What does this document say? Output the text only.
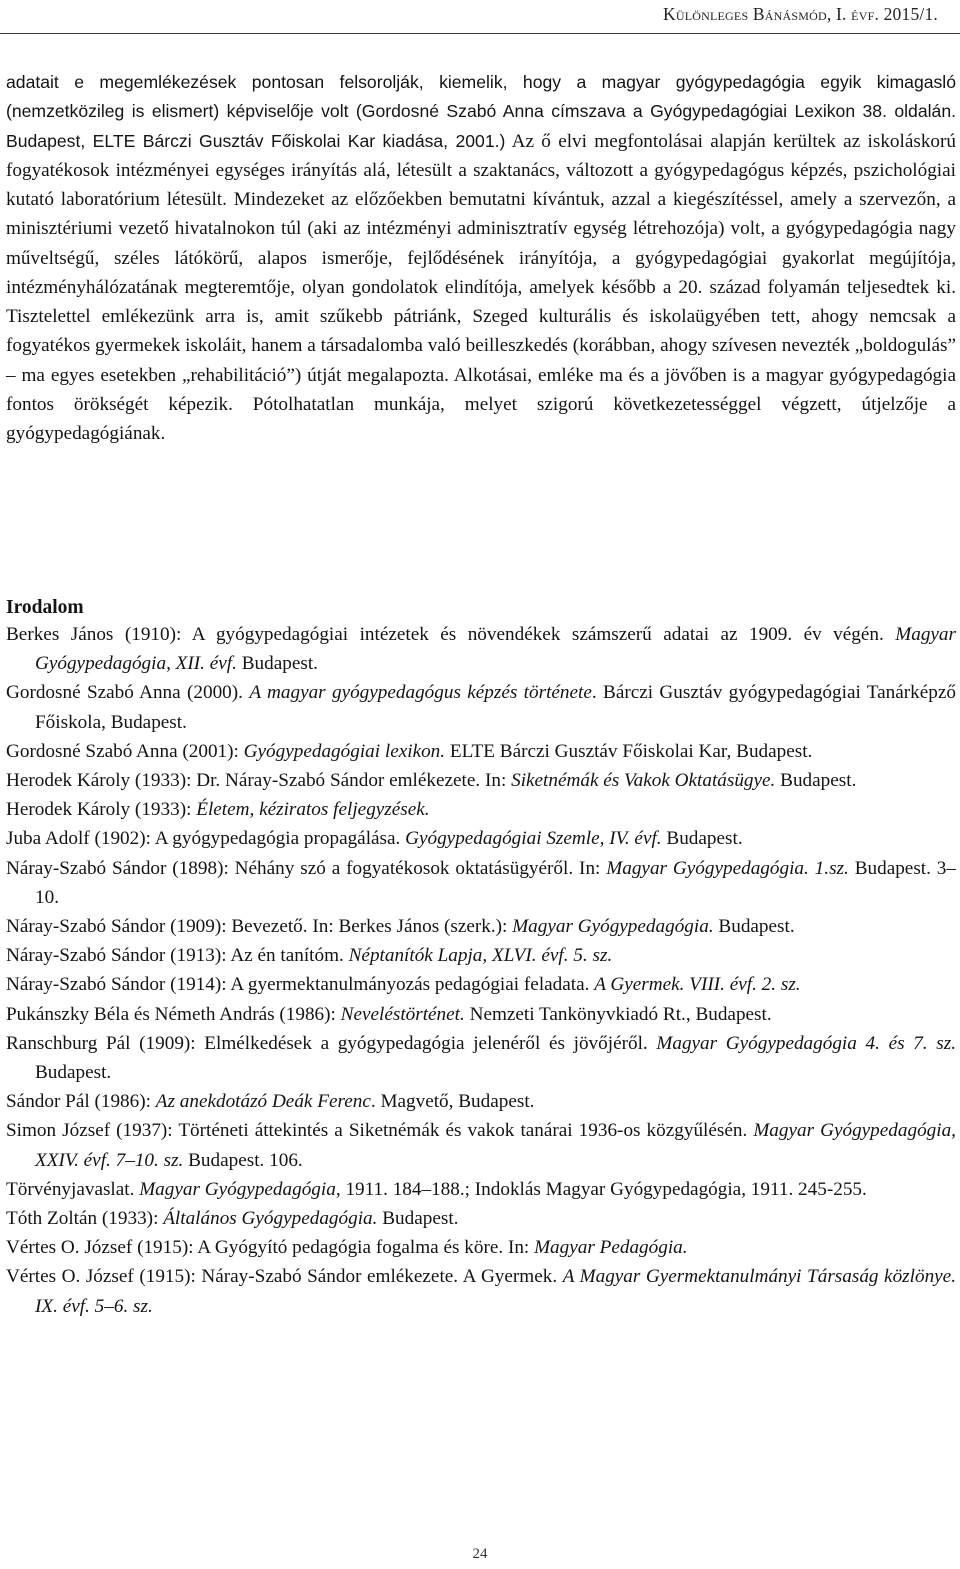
Különleges Bánásmód, I. évf. 2015/1.

adatait e megemlékezések pontosan felsorolják, kiemelik, hogy a magyar gyógypedagógia egyik kimagasló (nemzetközileg is elismert) képviselője volt (Gordosné Szabó Anna címszava a Gyógypedagógiai Lexikon 38. oldalán. Budapest, ELTE Bárczi Gusztáv Főiskolai Kar kiadása, 2001.) Az ő elvi megfontolásai alapján kerültek az iskoláskorú fogyatékosok intézményei egységes irányítás alá, létesült a szaktanács, változott a gyógypedagógus képzés, pszichológiai kutató laboratórium létesült. Mindezeket az előzőekben bemutatni kívántuk, azzal a kiegészítéssel, amely a szervezőn, a minisztériumi vezető hivatalnokon túl (aki az intézményi adminisztratív egység létrehozója) volt, a gyógypedagógia nagy műveltségű, széles látókörű, alapos ismerője, fejlődésének irányítója, a gyógypedagógiai gyakorlat megújítója, intézményhálózatának megteremtője, olyan gondolatok elindítója, amelyek később a 20. század folyamán teljesedtek ki. Tisztelettel emlékezünk arra is, amit szűkebb pátriánk, Szeged kulturális és iskolaügyében tett, ahogy nemcsak a fogyatékos gyermekek iskoláit, hanem a társadalomba való beilleszkedés (korábban, ahogy szívesen nevezték „boldogulás” – ma egyes esetekben „rehabilitáció”) útját megalapozta. Alkotásai, emléke ma és a jövőben is a magyar gyógypedagógia fontos örökségét képezik. Pótolhatatlan munkája, melyet szigorú következetességgel végzett, útjelzője a gyógypedagógiának.

Irodalom

Berkes János (1910): A gyógypedagógiai intézetek és növendékek számszerű adatai az 1909. év végén. Magyar Gyógypedagógia, XII. évf. Budapest.

Gordosné Szabó Anna (2000). A magyar gyógypedagógus képzés története. Bárczi Gusztáv gyógypedagógiai Tanárképző Főiskola, Budapest.

Gordosné Szabó Anna (2001): Gyógypedagógiai lexikon. ELTE Bárczi Gusztáv Főiskolai Kar, Budapest.

Herodek Károly (1933): Dr. Náray-Szabó Sándor emlékezete. In: Siketnémák és Vakok Oktatásügye. Budapest.

Herodek Károly (1933): Életem, kéziratos feljegyzések.

Juba Adolf (1902): A gyógypedagógia propagálása. Gyógypedagógiai Szemle, IV. évf. Budapest.

Náray-Szabó Sándor (1898): Néhány szó a fogyatékosok oktatásügyéről. In: Magyar Gyógypedagógia. 1.sz. Budapest. 3–10.

Náray-Szabó Sándor (1909): Bevezető. In: Berkes János (szerk.): Magyar Gyógypedagógia. Budapest.

Náray-Szabó Sándor (1913): Az én tanítóm. Néptanítók Lapja, XLVI. évf. 5. sz.

Náray-Szabó Sándor (1914): A gyermektanulmányozás pedagógiai feladata. A Gyermek. VIII. évf. 2. sz.

Pukánszky Béla és Németh András (1986): Neveléstörténet. Nemzeti Tankönyvkiadó Rt., Budapest.

Ranschburg Pál (1909): Elmélkedések a gyógypedagógia jelenéről és jövőjéről. Magyar Gyógypedagógia 4. és 7. sz. Budapest.

Sándor Pál (1986): Az anekdotázó Deák Ferenc. Magvető, Budapest.

Simon József (1937): Történeti áttekintés a Siketnémák és vakok tanárai 1936-os közgyűlésén. Magyar Gyógypedagógia, XXIV. évf. 7–10. sz. Budapest. 106.

Törvényjavaslat. Magyar Gyógypedagógia, 1911. 184–188.; Indoklás Magyar Gyógypedagógia, 1911. 245-255.

Tóth Zoltán (1933): Általános Gyógypedagógia. Budapest.

Vértes O. József (1915): A Gyógyító pedagógia fogalma és köre. In: Magyar Pedagógia.

Vértes O. József (1915): Náray-Szabó Sándor emlékezete. A Gyermek. A Magyar Gyermektanulmányi Társaság közlönye. IX. évf. 5–6. sz.

24
